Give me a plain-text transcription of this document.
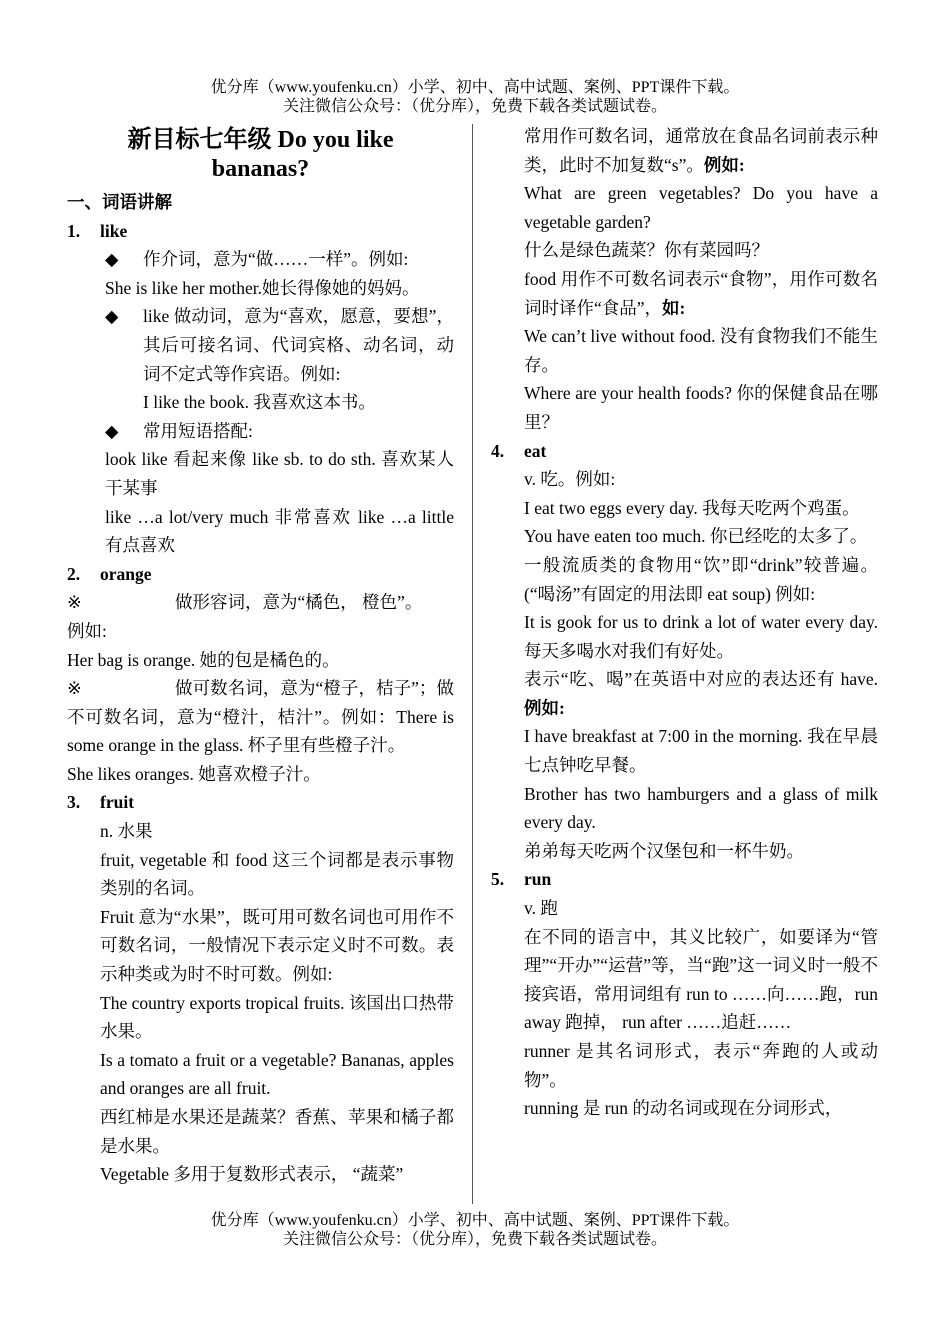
优分库（www.youfenku.cn）小学、初中、高中试题、案例、PPT课件下载。
关注微信公众号：（优分库），免费下载各类试题试卷。
新目标七年级 Do you like
bananas?

一、词语讲解

1.	like

◆	作介词，意为“做……一样”。例如:

She is like her mother.她长得像她的妈妈。

◆	like 做动词，意为“喜欢，愿意，要想”，其后可接名词、代词宾格、动名词，动词不定式等作宾语。例如:

I like the book. 我喜欢这本书。

◆	常用短语搭配:

look like 看起来像 like sb. to do sth. 喜欢某人干某事

like …a lot/very much 非常喜欢 like …a little 有点喜欢

2.	orange

※	做形容词，意为“橘色， 橙色”。

例如:

Her bag is orange. 她的包是橘色的。

※	做可数名词，意为“橙子，桔子”；做不可数名词，意为“橙汁，桔汁”。例如：There is some orange in the glass. 杯子里有些橙子汁。

She likes oranges. 她喜欢橙子汁。

3.	fruit

n. 水果

fruit, vegetable 和 food 这三个词都是表示事物类别的名词。

Fruit 意为“水果”，既可用可数名词也可用作不可数名词，一般情况下表示定义时不可数。表示种类或为时不时可数。例如:

The country exports tropical fruits. 该国出口热带水果。

Is a tomato a fruit or a vegetable? Bananas, apples and oranges are all fruit.

西红柿是水果还是蔬菜？香蕉、苹果和橘子都是水果。

Vegetable 多用于复数形式表示， “蔬菜”

常用作可数名词，通常放在食品名词前表示种类，此时不加复数“s”。例如:

What are green vegetables? Do you have a vegetable garden?

什么是绿色蔬菜？你有菜园吗？

food 用作不可数名词表示“食物”，用作可数名词时译作“食品”，如:

We can’t live without food. 没有食物我们不能生存。

Where are your health foods? 你的保健食品在哪里？

4.	eat

v. 吃。例如:

I eat two eggs every day. 我每天吃两个鸡蛋。

You have eaten too much. 你已经吃的太多了。

一般流质类的食物用“饮”即“drink”较普遍。(“喝汤”有固定的用法即 eat soup) 例如:

It is gook for us to drink a lot of water every day. 每天多喝水对我们有好处。

表示“吃、喝”在英语中对应的表达还有 have. 例如:

I have breakfast at 7:00 in the morning. 我在早晨七点钟吃早餐。

Brother has two hamburgers and a glass of milk every day.

弟弟每天吃两个汉堡包和一杯牛奶。

5.	run

v. 跑

在不同的语言中，其义比较广，如要译为“管理”“开办”“运营”等，当“跑”这一词义时一般不接宾语，常用词组有 run to ……向……跑，run away 跑掉， run after ……追赶……

runner 是其名词形式，表示“奔跑的人或动物”。

running 是 run 的动名词或现在分词形式，

优分库（www.youfenku.cn）小学、初中、高中试题、案例、PPT课件下载。
关注微信公众号：（优分库），免费下载各类试题试卷。
